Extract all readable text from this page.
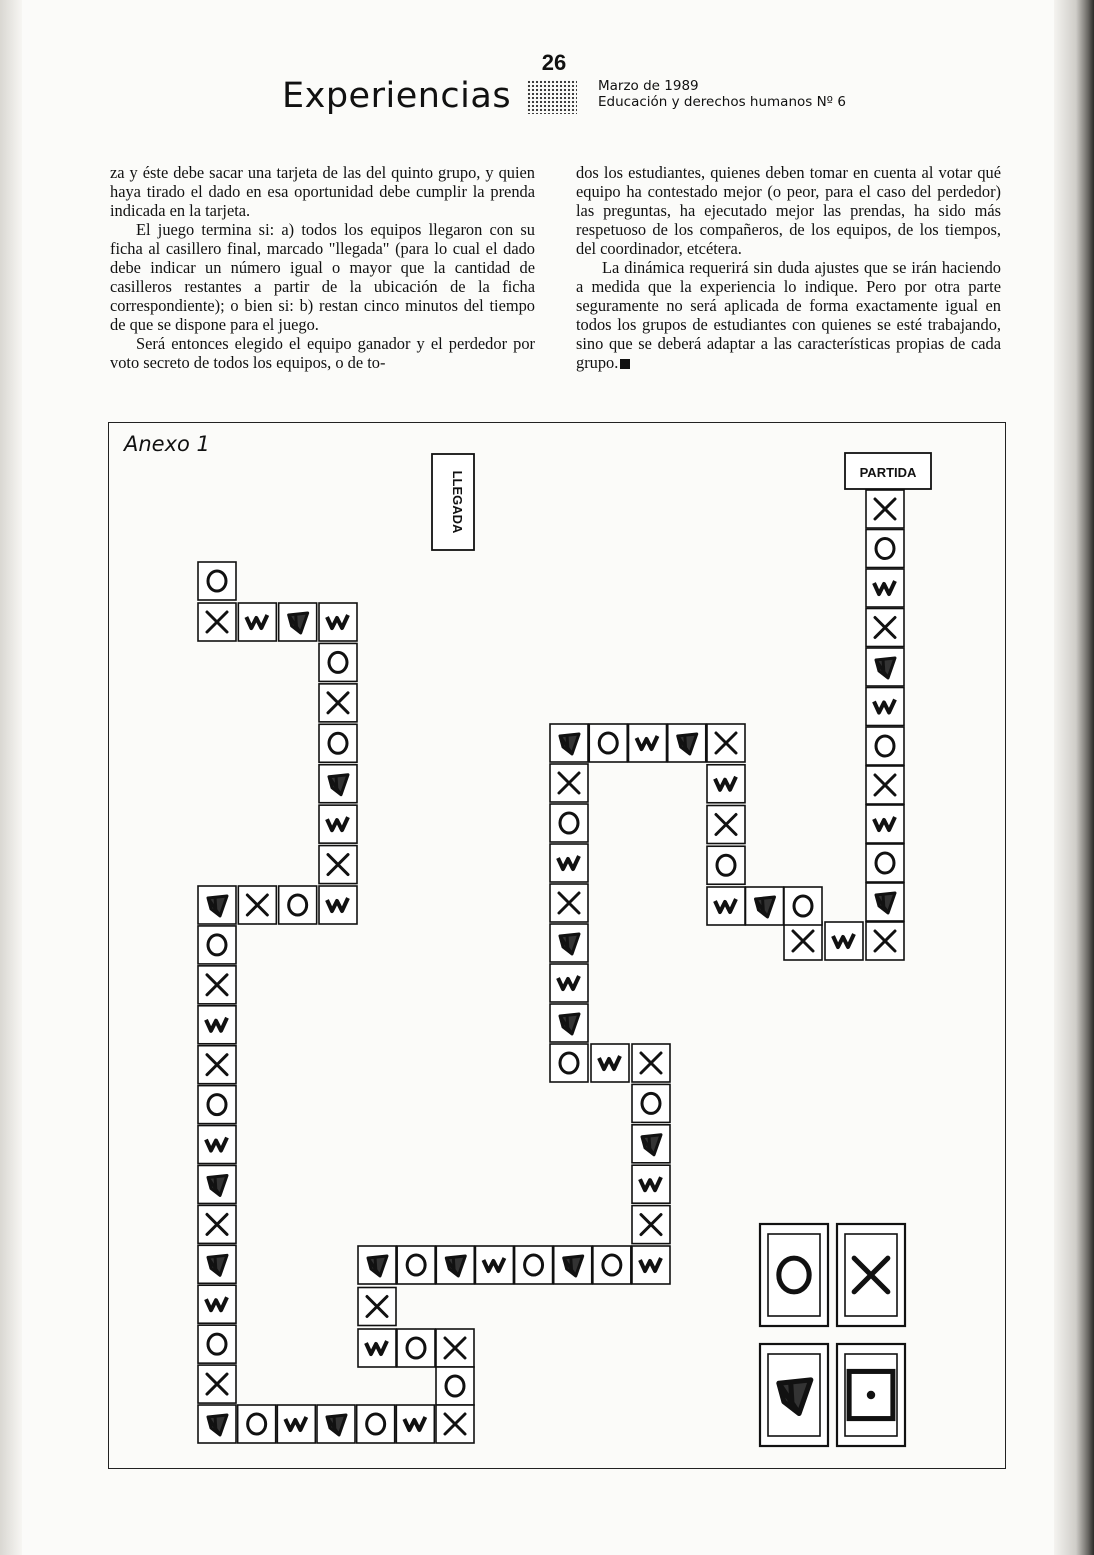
26
Experiencias	Marzo de 1989
Educación y derechos humanos Nº 6

za y éste debe sacar una tarjeta de las del quinto grupo, y quien haya tirado el dado en esa oportunidad debe cumplir la prenda indicada en la tarjeta.

El juego termina si: a) todos los equipos llegaron con su ficha al casillero final, marcado "llegada" (para lo cual el dado debe indicar un número igual o mayor que la cantidad de casilleros restantes a partir de la ubicación de la ficha correspondiente); o bien si: b) restan cinco minutos del tiempo de que se dispone para el juego.

Será entonces elegido el equipo ganador y el perdedor por voto secreto de todos los equipos, o de to-

dos los estudiantes, quienes deben tomar en cuenta al votar qué equipo ha contestado mejor (o peor, para el caso del perdedor) las preguntas, ha ejecutado mejor las prendas, ha sido más respetuoso de los compañeros, de los equipos, de los tiempos, del coordinador, etcétera.

La dinámica requerirá sin duda ajustes que se irán haciendo a medida que la experiencia lo indique. Pero por otra parte seguramente no será aplicada de forma exactamente igual en todos los grupos de estudiantes con quienes se esté trabajando, sino que se deberá adaptar a las características propias de cada grupo.

Anexo 1
PARTIDA
LLEGADA
